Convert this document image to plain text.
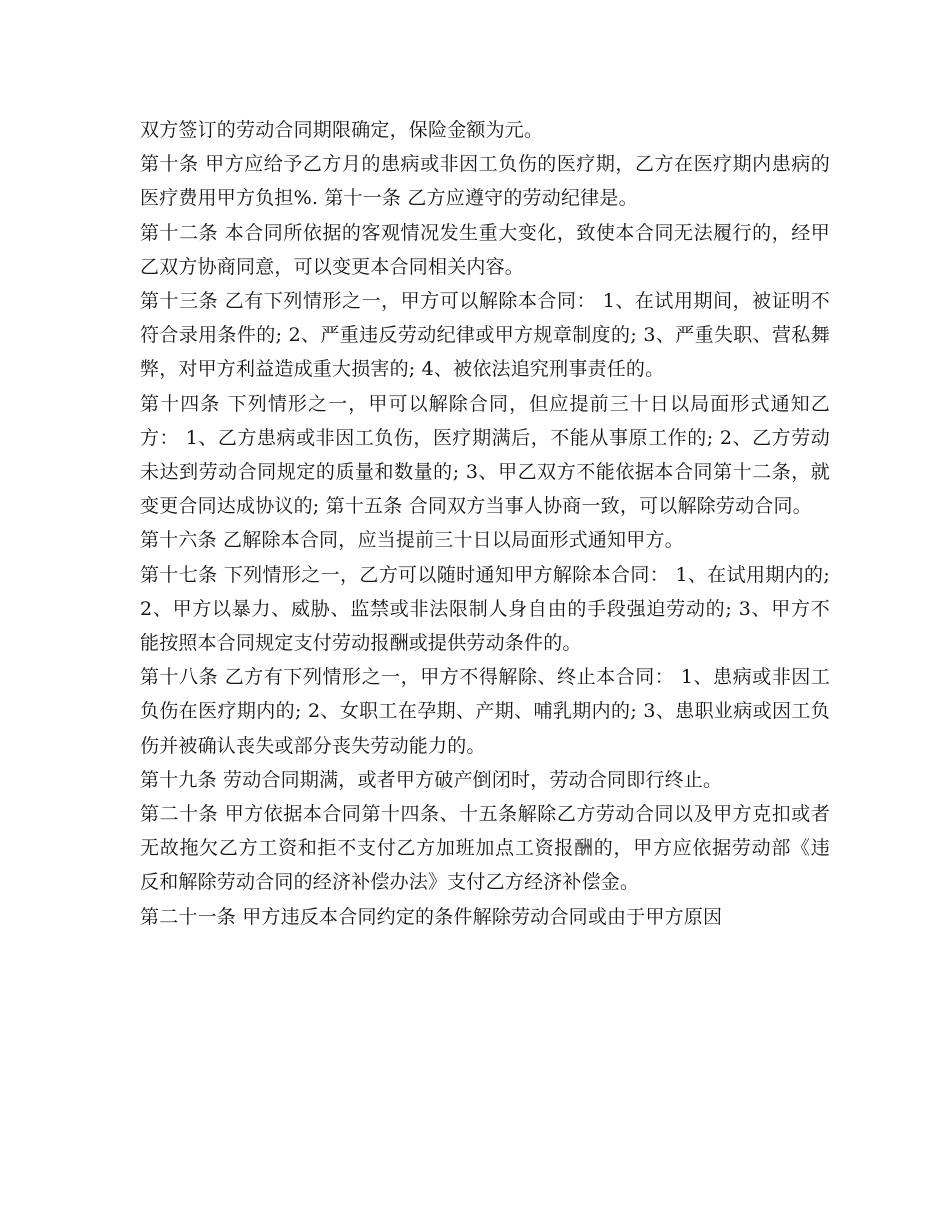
双方签订的劳动合同期限确定，保险金额为元。

第十条 甲方应给予乙方月的患病或非因工负伤的医疗期，乙方在医疗期内患病的医疗费用甲方负担%. 第十一条 乙方应遵守的劳动纪律是。

第十二条 本合同所依据的客观情况发生重大变化，致使本合同无法履行的，经甲乙双方协商同意，可以变更本合同相关内容。

第十三条 乙有下列情形之一，甲方可以解除本合同： 1、在试用期间，被证明不符合录用条件的; 2、严重违反劳动纪律或甲方规章制度的; 3、严重失职、营私舞弊，对甲方利益造成重大损害的; 4、被依法追究刑事责任的。

第十四条 下列情形之一，甲可以解除合同，但应提前三十日以局面形式通知乙方： 1、乙方患病或非因工负伤，医疗期满后，不能从事原工作的; 2、乙方劳动未达到劳动合同规定的质量和数量的; 3、甲乙双方不能依据本合同第十二条，就变更合同达成协议的; 第十五条 合同双方当事人协商一致，可以解除劳动合同。

第十六条 乙解除本合同，应当提前三十日以局面形式通知甲方。

第十七条 下列情形之一，乙方可以随时通知甲方解除本合同： 1、在试用期内的; 2、甲方以暴力、威胁、监禁或非法限制人身自由的手段强迫劳动的; 3、甲方不能按照本合同规定支付劳动报酬或提供劳动条件的。

第十八条 乙方有下列情形之一，甲方不得解除、终止本合同： 1、患病或非因工负伤在医疗期内的; 2、女职工在孕期、产期、哺乳期内的; 3、患职业病或因工负伤并被确认丧失或部分丧失劳动能力的。

第十九条 劳动合同期满，或者甲方破产倒闭时，劳动合同即行终止。

第二十条 甲方依据本合同第十四条、十五条解除乙方劳动合同以及甲方克扣或者无故拖欠乙方工资和拒不支付乙方加班加点工资报酬的，甲方应依据劳动部《违反和解除劳动合同的经济补偿办法》支付乙方经济补偿金。

第二十一条 甲方违反本合同约定的条件解除劳动合同或由于甲方原因
